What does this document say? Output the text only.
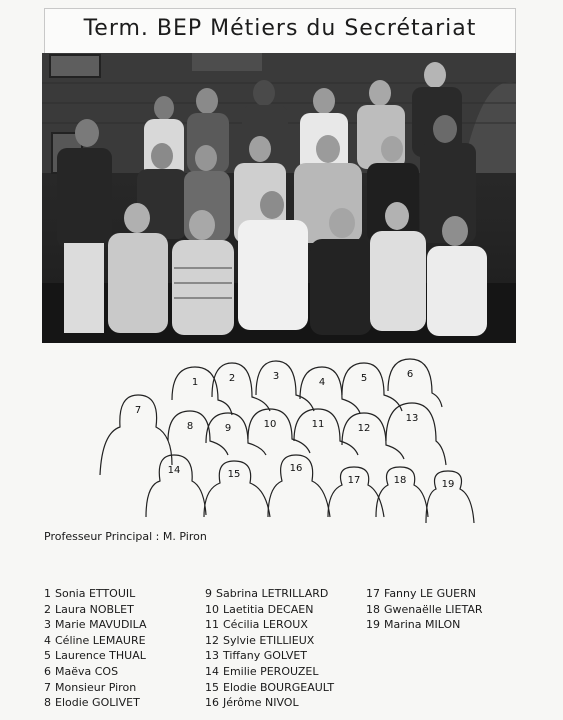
Term. BEP Métiers du Secrétariat
1	2	3
4	5	6
7
8	9	10	11	12
13
14	15
16
17	18	19
Professeur Principal : M. Piron
1 Sonia ETTOUIL
2 Laura NOBLET
3 Marie MAVUDILA
4 Céline LEMAURE
5 Laurence THUAL
6 Maëva COS
7 Monsieur Piron
8 Elodie GOLIVET
9 Sabrina LETRILLARD
10 Laetitia DECAEN
11 Cécilia LEROUX
12 Sylvie ETILLIEUX
13 Tiffany GOLVET
14 Emilie PEROUZEL
15 Elodie BOURGEAULT
16 Jérôme NIVOL
17 Fanny LE GUERN
18 Gwenaëlle LIETAR
19 Marina MILON
